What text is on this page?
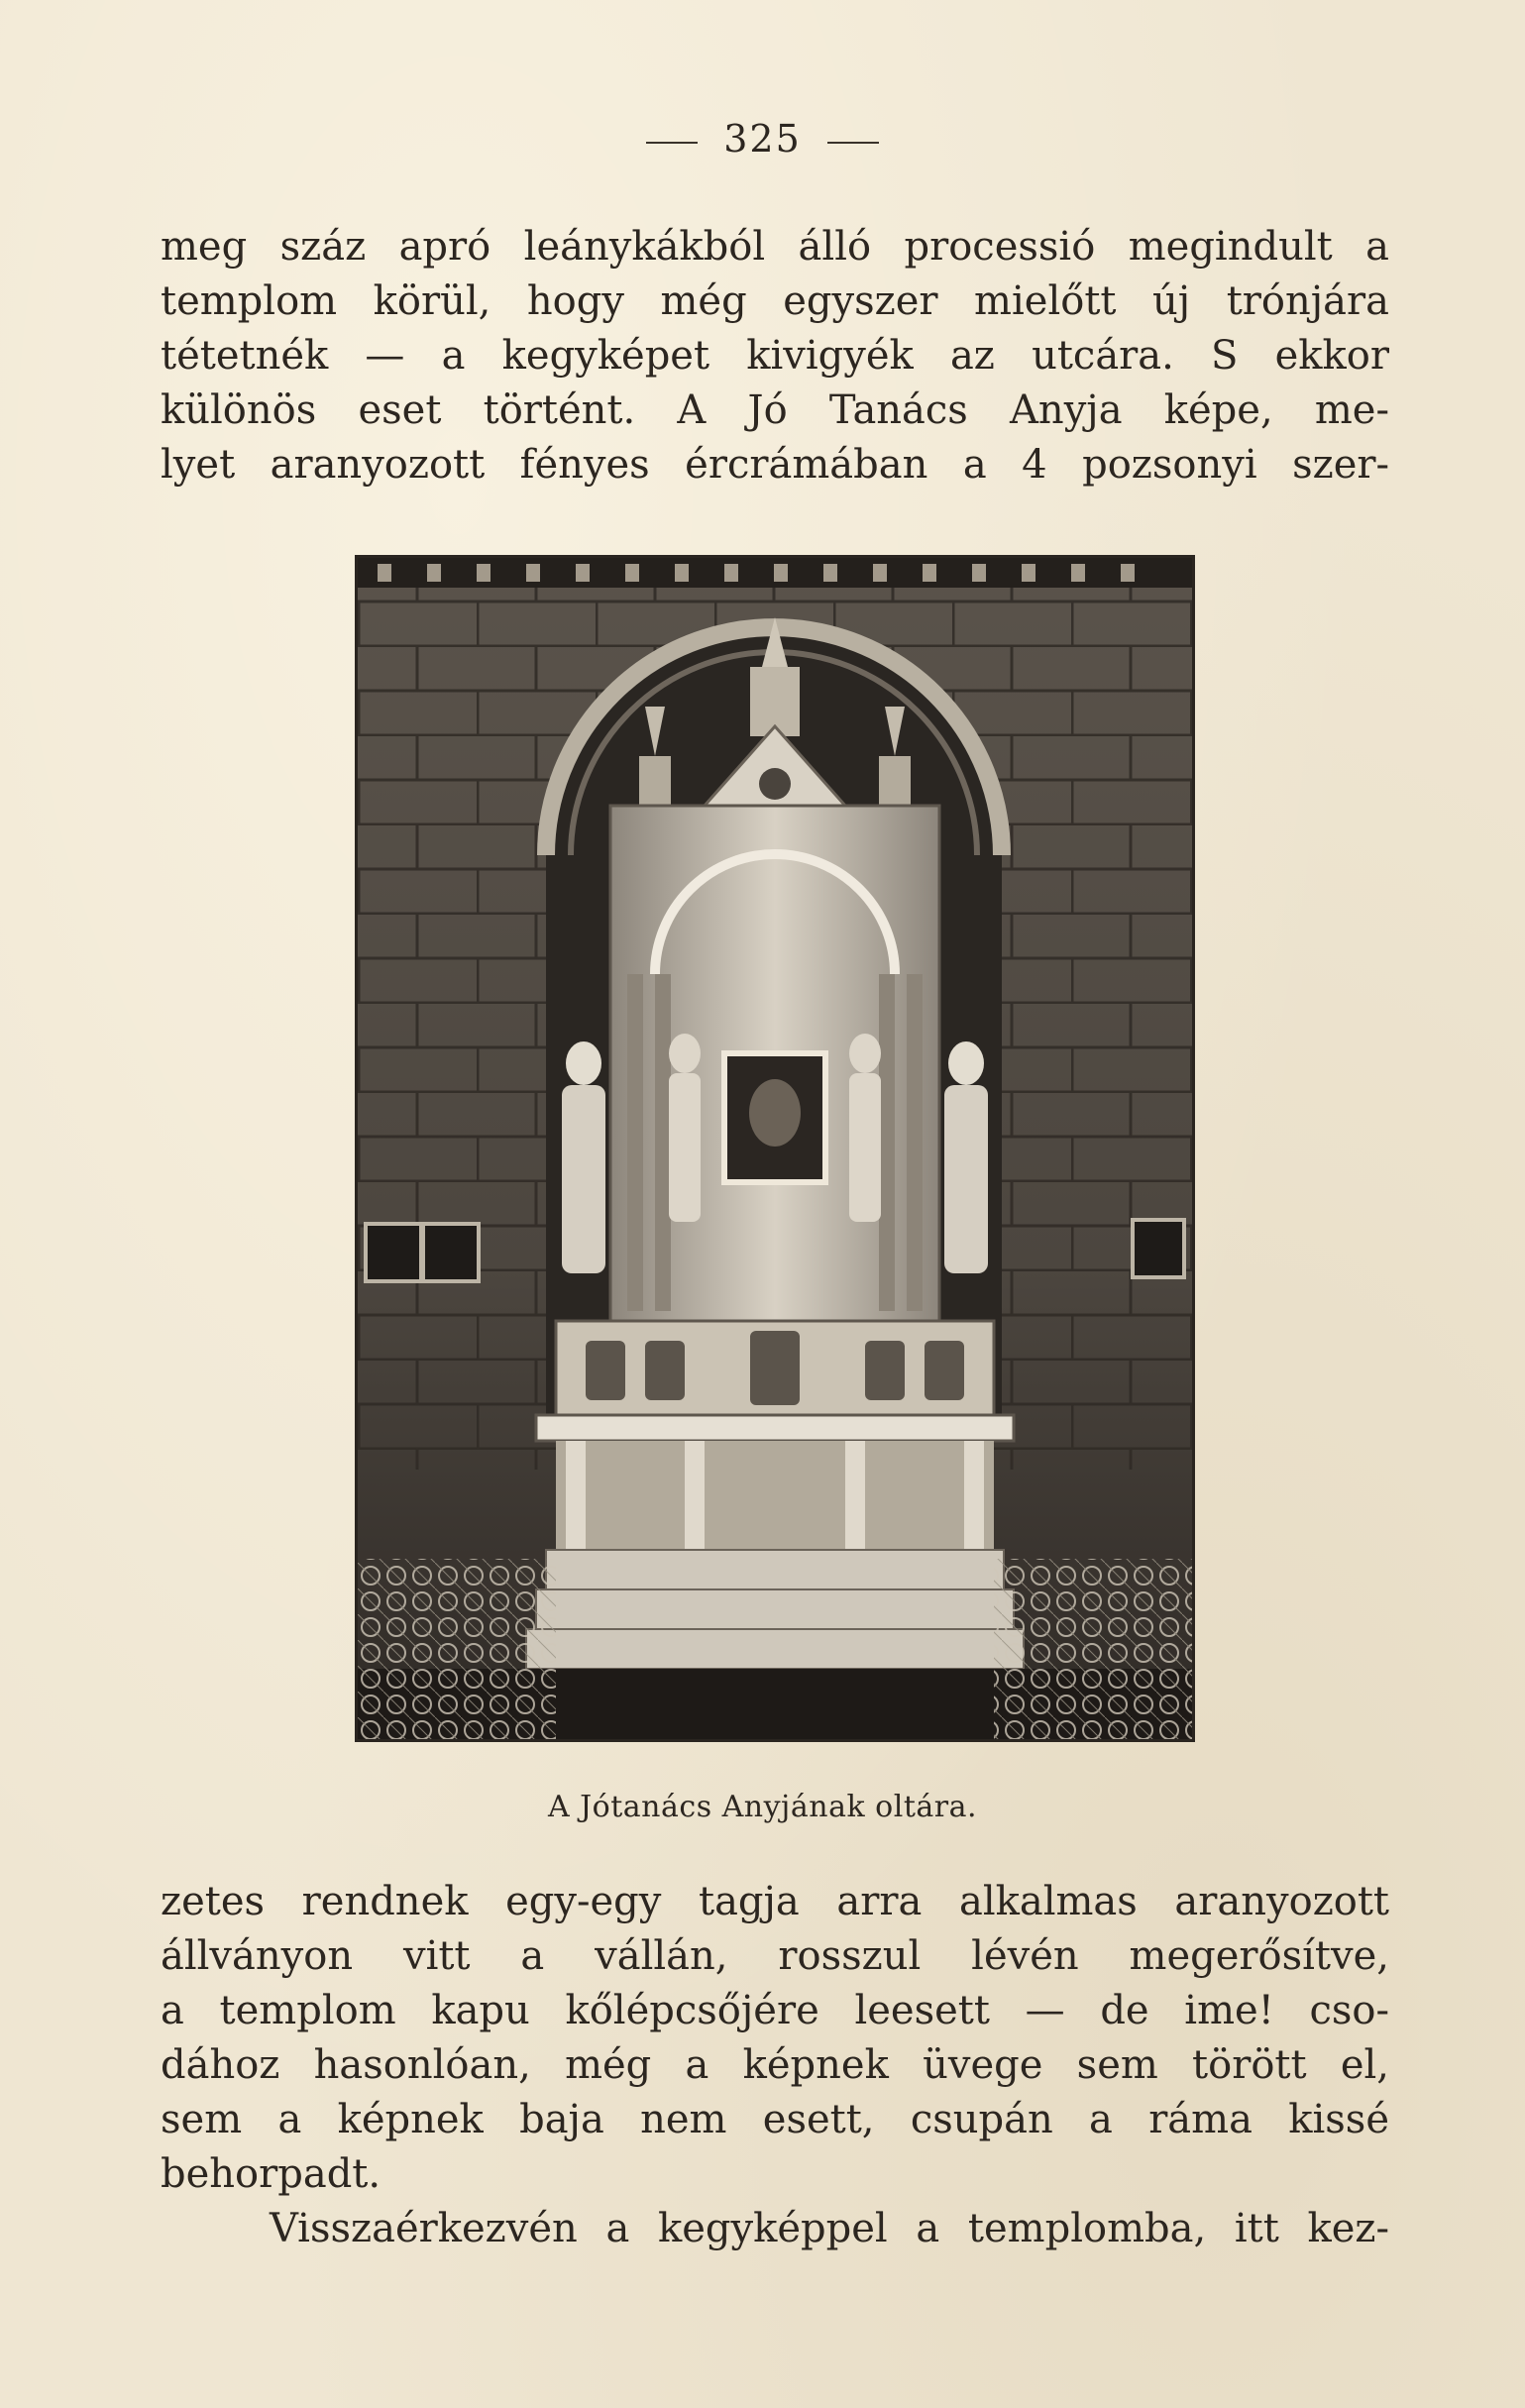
325
meg száz apró leánykákból álló processió megindult a
templom körül, hogy még egyszer mielőtt új trónjára
tétetnék — a kegyképet kivigyék az utcára. S ekkor
különös eset történt. A Jó Tanács Anyja képe, me-
lyet aranyozott fényes ércrámában a 4 pozsonyi szer-
A Jótanács Anyjának oltára.
zetes rendnek egy-egy tagja arra alkalmas aranyozott
állványon vitt a vállán, rosszul lévén megerősítve,
a templom kapu kőlépcsőjére leesett — de ime! cso-
dához hasonlóan, még a képnek üvege sem törött el,
sem a képnek baja nem esett, csupán a ráma kissé
behorpadt.
Visszaérkezvén a kegyképpel a templomba, itt kez-
